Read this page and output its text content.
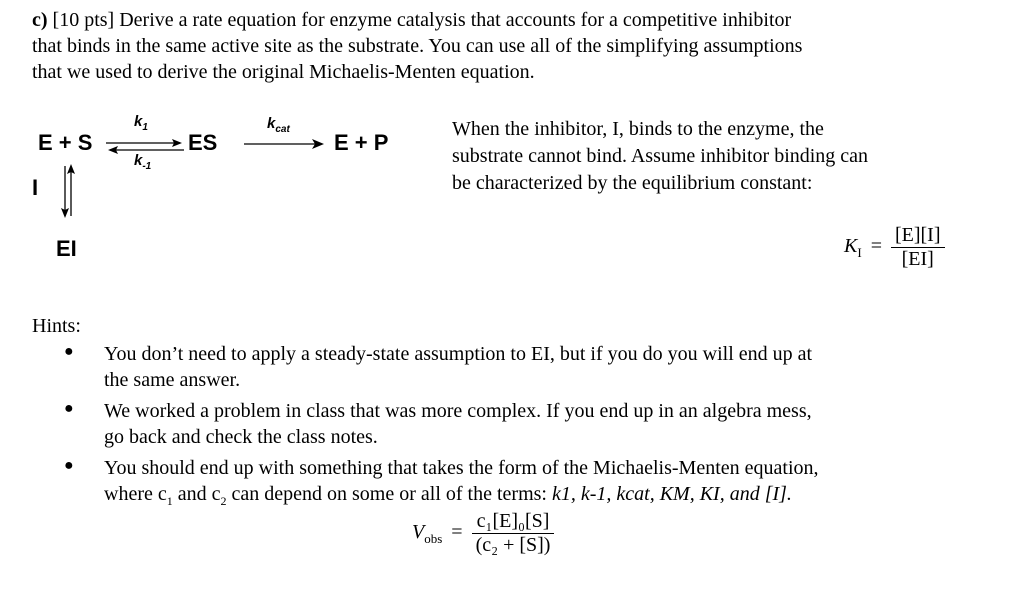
c) [10 pts] Derive a rate equation for enzyme catalysis that accounts for a competitive inhibitor
that binds in the same active site as the substrate. You can use all of the simplifying assumptions
that we used to derive the original Michaelis-Menten equation.
E + S
$k_1$
$k_{-1}$
ES
$k_{cat}$
E + P
I
EI
When the inhibitor, I, binds to the enzyme, the
substrate cannot bind. Assume inhibitor binding can
be characterized by the equilibrium constant:
$K_I = \frac{[E][I]}{[EI]}$
Hints:
● You don’t need to apply a steady-state assumption to EI, but if you do you will end up at
the same answer.
● We worked a problem in class that was more complex. If you end up in an algebra mess,
go back and check the class notes.
● You should end up with something that takes the form of the Michaelis-Menten equation,
where $c_1$ and $c_2$ can depend on some or all of the terms: k1, k-1, kcat, KM, KI, and [I].
$V_{obs} = \frac{\text{c₁[E]₀[S]}}{\text{(c₂ + [S])}}$
